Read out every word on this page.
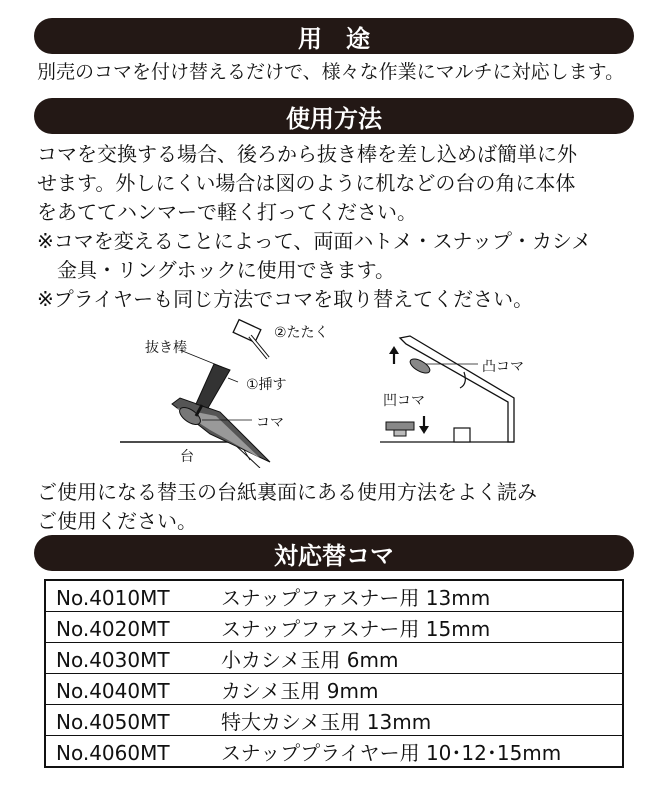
用　途
別売のコマを付け替えるだけで、様々な作業にマルチに対応します。
使用方法
コマを交換する場合、後ろから抜き棒を差し込めば簡単に外
せます。外しにくい場合は図のように机などの台の角に本体
をあててハンマーで軽く打ってください。
※コマを変えることによって、両面ハトメ・スナップ・カシメ
　金具・リングホックに使用できます。
※プライヤーも同じ方法でコマを取り替えてください。
抜き棒
②たたく
①挿す
コマ
台
凸コマ
凹コマ
ご使用になる替玉の台紙裏面にある使用方法をよく読み
ご使用ください。
対応替コマ
No.4010MT	スナップファスナー用 13mm
No.4020MT	スナップファスナー用 15mm
No.4030MT	小カシメ玉用 6mm
No.4040MT	カシメ玉用 9mm
No.4050MT	特大カシメ玉用 13mm
No.4060MT	スナッププライヤー用 10･12･15mm
